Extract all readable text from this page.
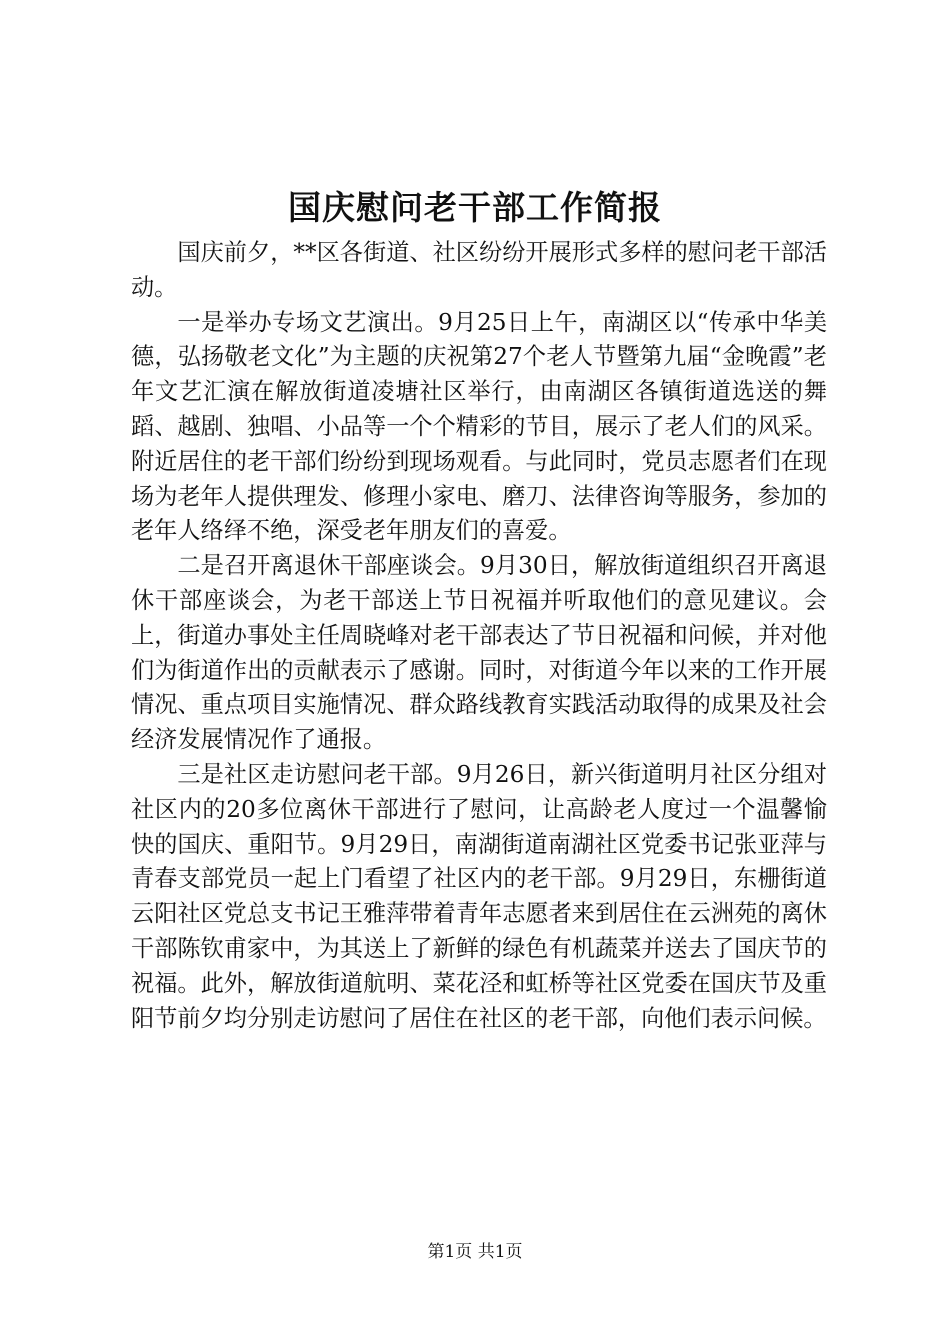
国庆慰问老干部工作简报

国庆前夕，**区各街道、社区纷纷开展形式多样的慰问老干部活动。

一是举办专场文艺演出。9月25日上午，南湖区以“传承中华美德，弘扬敬老文化”为主题的庆祝第27个老人节暨第九届“金晚霞”老年文艺汇演在解放街道凌塘社区举行，由南湖区各镇街道选送的舞蹈、越剧、独唱、小品等一个个精彩的节目，展示了老人们的风采。附近居住的老干部们纷纷到现场观看。与此同时，党员志愿者们在现场为老年人提供理发、修理小家电、磨刀、法律咨询等服务，参加的老年人络绎不绝，深受老年朋友们的喜爱。

二是召开离退休干部座谈会。9月30日，解放街道组织召开离退休干部座谈会，为老干部送上节日祝福并听取他们的意见建议。会上，街道办事处主任周晓峰对老干部表达了节日祝福和问候，并对他们为街道作出的贡献表示了感谢。同时，对街道今年以来的工作开展情况、重点项目实施情况、群众路线教育实践活动取得的成果及社会经济发展情况作了通报。

三是社区走访慰问老干部。9月26日，新兴街道明月社区分组对社区内的20多位离休干部进行了慰问，让高龄老人度过一个温馨愉快的国庆、重阳节。9月29日，南湖街道南湖社区党委书记张亚萍与青春支部党员一起上门看望了社区内的老干部。9月29日，东栅街道云阳社区党总支书记王雅萍带着青年志愿者来到居住在云洲苑的离休干部陈钦甫家中，为其送上了新鲜的绿色有机蔬菜并送去了国庆节的祝福。此外，解放街道航明、菜花泾和虹桥等社区党委在国庆节及重阳节前夕均分别走访慰问了居住在社区的老干部，向他们表示问候。

第1页 共1页
